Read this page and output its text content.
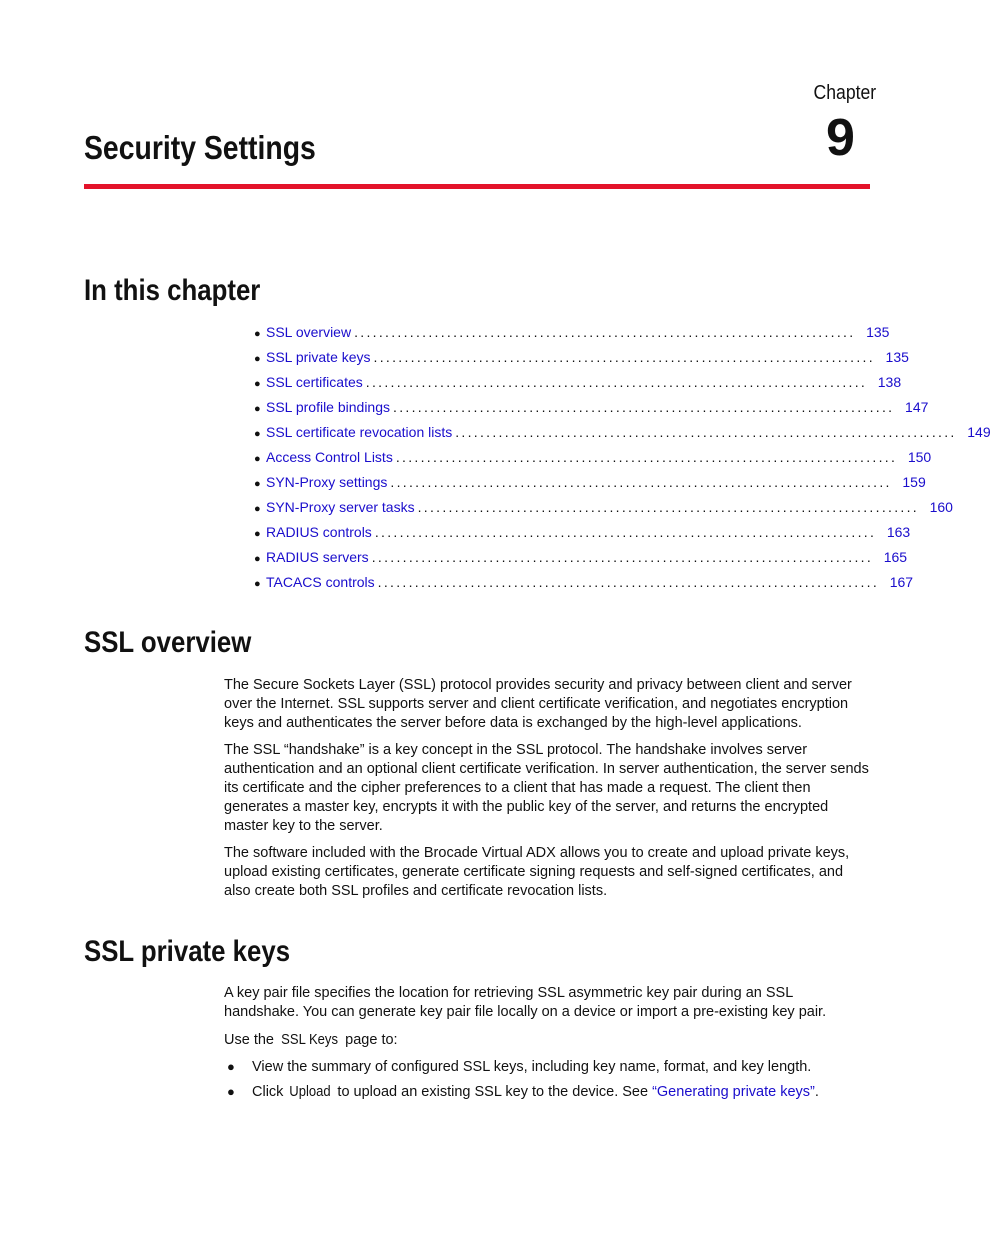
Chapter
9
Security Settings
In this chapter
● SSL overview ................................................................................. 135
● SSL private keys ................................................................................. 135
● SSL certificates ................................................................................. 138
● SSL profile bindings ................................................................................. 147
● SSL certificate revocation lists ................................................................................. 149
● Access Control Lists ................................................................................. 150
● SYN-Proxy settings ................................................................................. 159
● SYN-Proxy server tasks ................................................................................. 160
● RADIUS controls ................................................................................. 163
● RADIUS servers ................................................................................. 165
● TACACS controls ................................................................................. 167
SSL overview

The Secure Sockets Layer (SSL) protocol provides security and privacy between client and server over the Internet. SSL supports server and client certificate verification, and negotiates encryption keys and authenticates the server before data is exchanged by the high-level applications.

The SSL “handshake” is a key concept in the SSL protocol. The handshake involves server authentication and an optional client certificate verification. In server authentication, the server sends its certificate and the cipher preferences to a client that has made a request. The client then generates a master key, encrypts it with the public key of the server, and returns the encrypted master key to the server.

The software included with the Brocade Virtual ADX allows you to create and upload private keys, upload existing certificates, generate certificate signing requests and self-signed certificates, and also create both SSL profiles and certificate revocation lists.

SSL private keys

A key pair file specifies the location for retrieving SSL asymmetric key pair during an SSL handshake. You can generate key pair file locally on a device or import a pre-existing key pair.

Use the SSL Keys page to:

● View the summary of configured SSL keys, including key name, format, and key length.
● Click Upload to upload an existing SSL key to the device. See “Generating private keys”.
